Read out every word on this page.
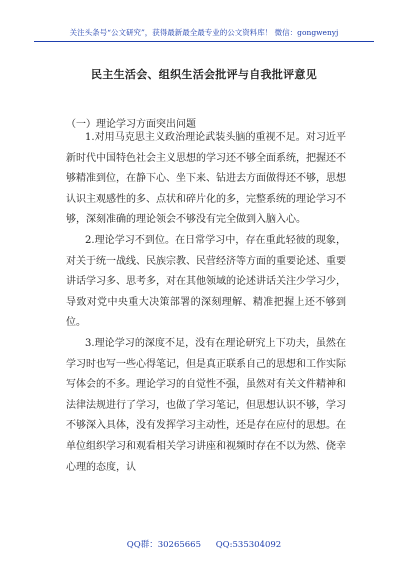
关注头条号“公文研究”，获得最新最全最专业的公文资料库！ 微信：gongwenyj
民主生活会、组织生活会批评与自我批评意见
（一）理论学习方面突出问题

1.对用马克思主义政治理论武装头脑的重视不足。对习近平新时代中国特色社会主义思想的学习还不够全面系统，把握还不够精准到位，在静下心、坐下来、钻进去方面做得还不够，思想认识主观感性的多、点状和碎片化的多，完整系统的理论学习不够，深刻准确的理论领会不够没有完全做到入脑入心。

2.理论学习不到位。在日常学习中，存在重此轻彼的现象，对关于统一战线、民族宗教、民营经济等方面的重要论述、重要讲话学习多、思考多，对在其他领域的论述讲话关注少学习少，导致对党中央重大决策部署的深刻理解、精准把握上还不够到位。

3.理论学习的深度不足，没有在理论研究上下功夫，虽然在学习时也写一些心得笔记，但是真正联系自己的思想和工作实际写体会的不多。理论学习的自觉性不强，虽然对有关文件精神和法律法规进行了学习，也做了学习笔记，但思想认识不够，学习不够深入具体，没有发挥学习主动性，还是存在应付的思想。在单位组织学习和观看相关学习讲座和视频时存在不以为然、侥幸心理的态度，认

QQ群：30265665 QQ:535304092
